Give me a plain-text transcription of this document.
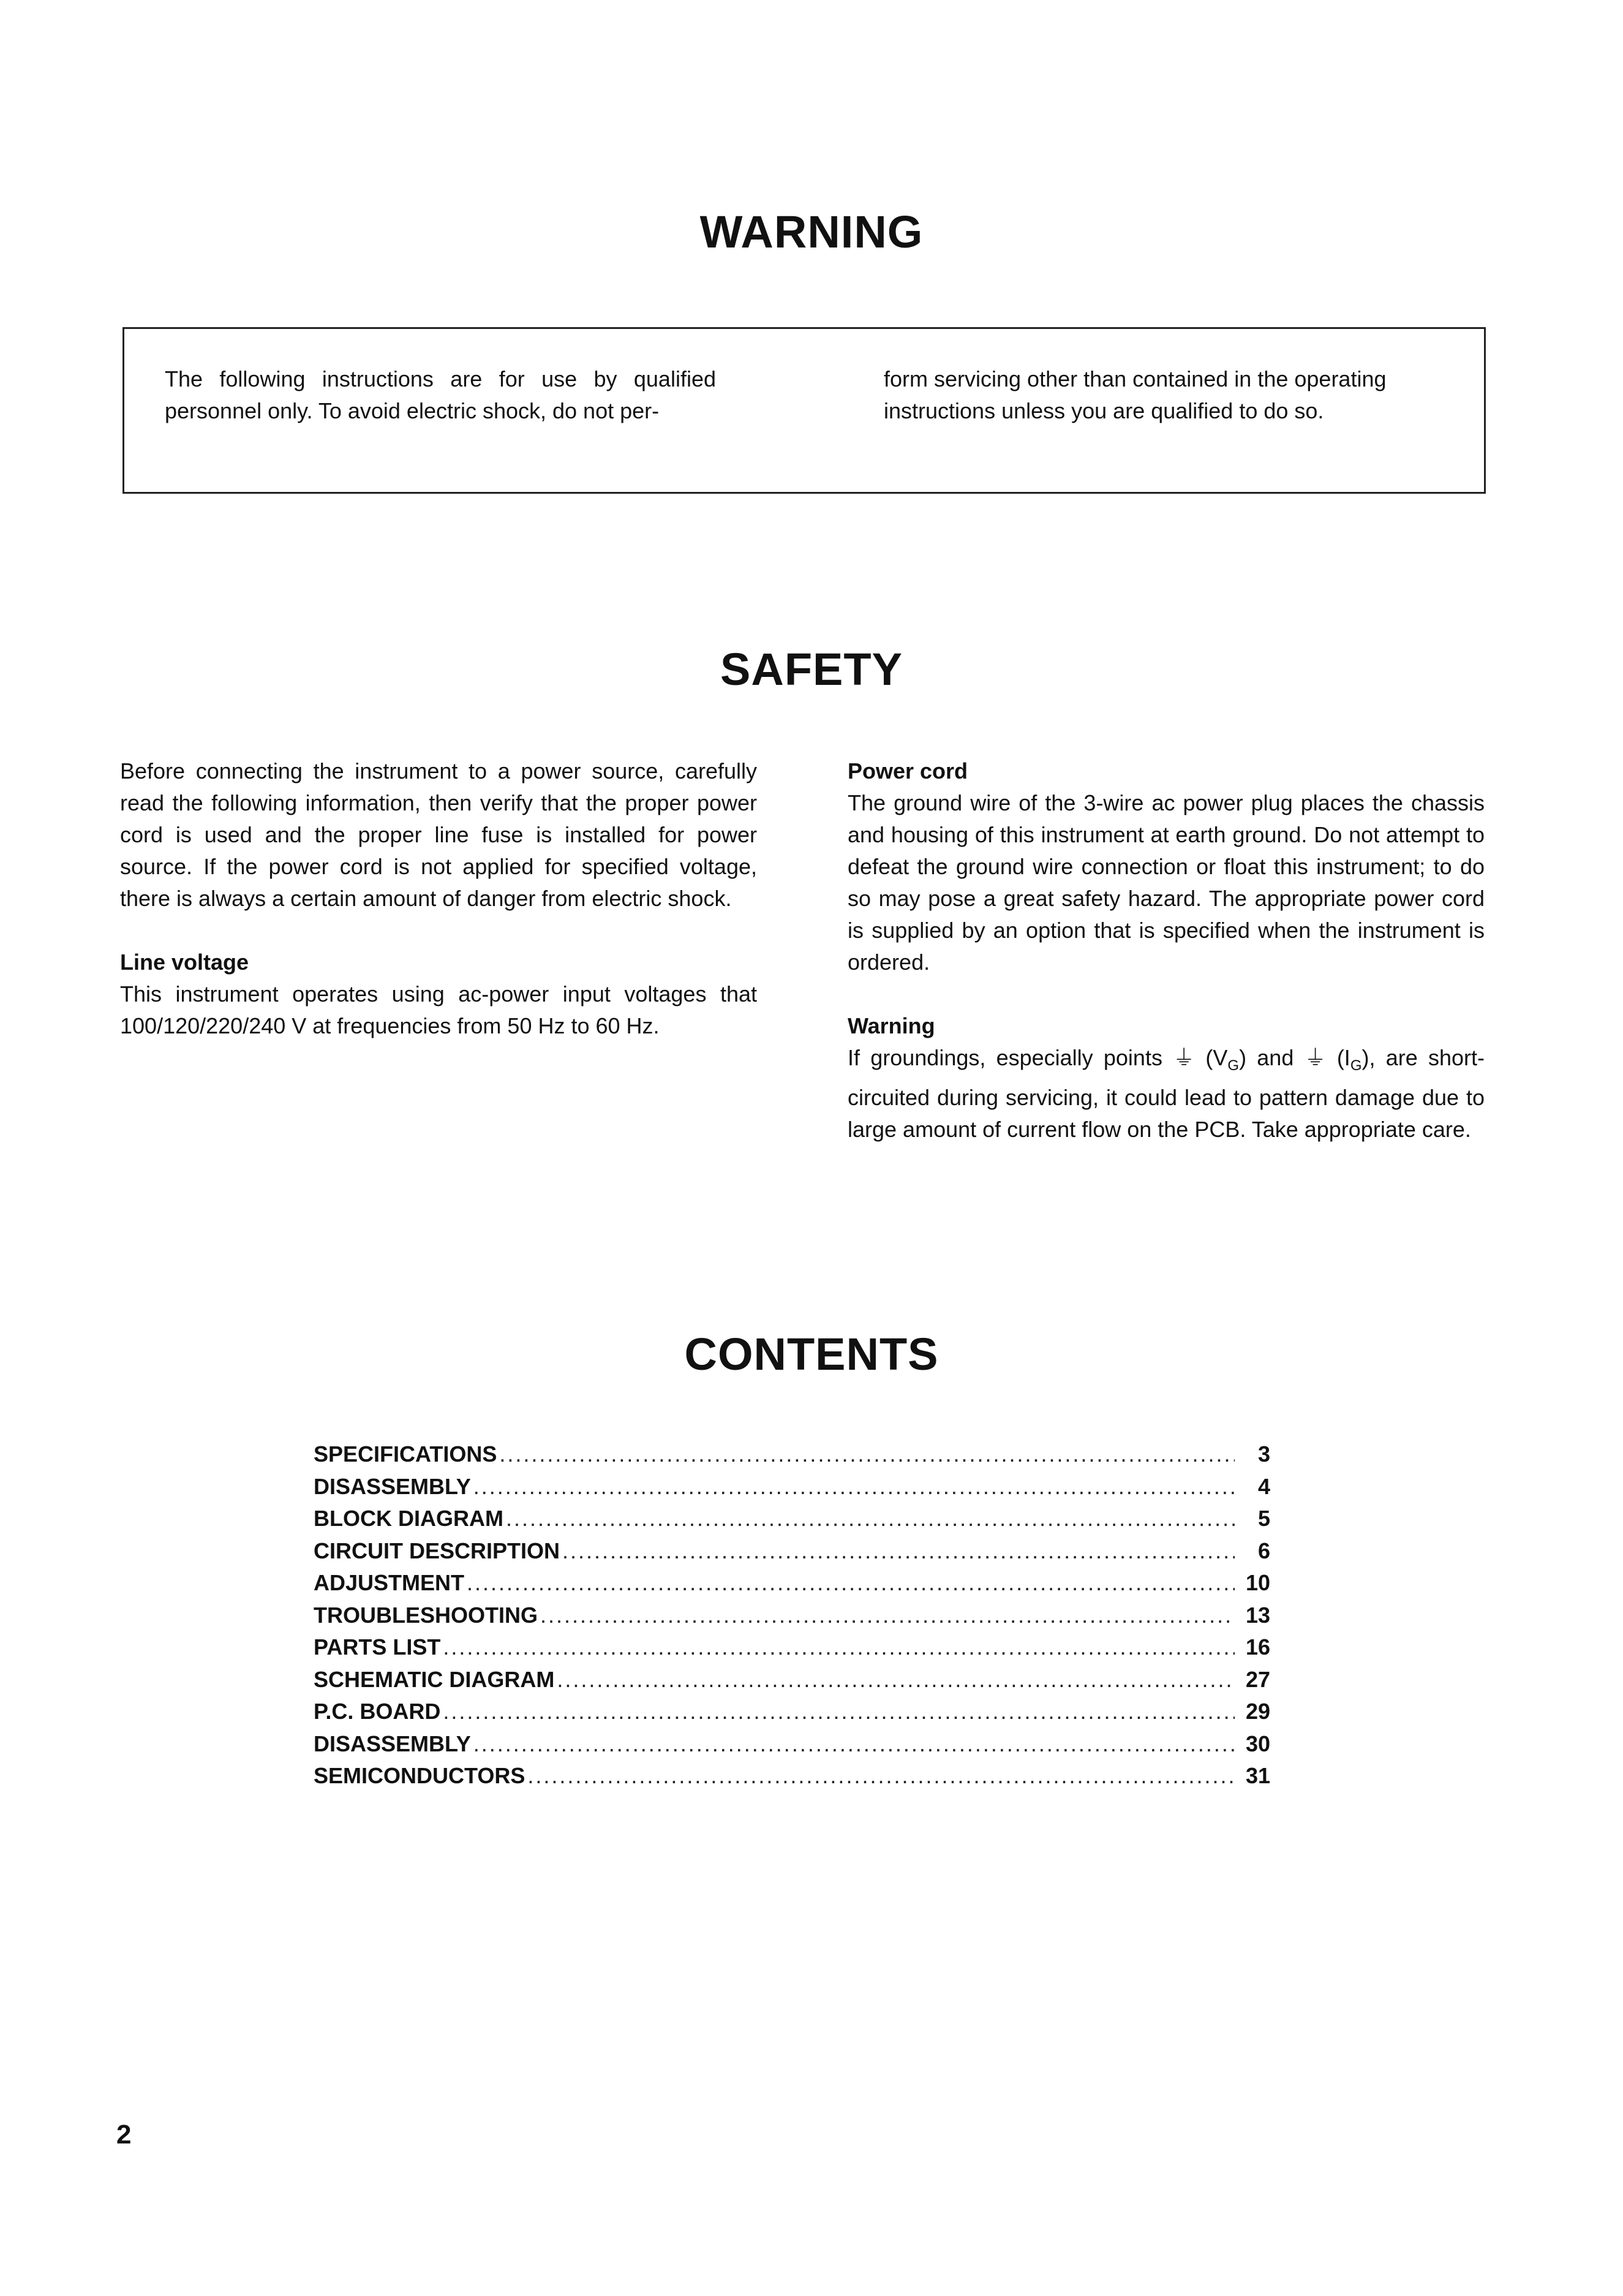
WARNING

The following instructions are for use by qualified personnel only. To avoid electric shock, do not per-

form servicing other than contained in the operating instructions unless you are qualified to do so.

SAFETY

Before connecting the instrument to a power source, carefully read the following information, then verify that the proper power cord is used and the proper line fuse is installed for power source. If the power cord is not applied for specified voltage, there is always a certain amount of danger from electric shock.

Line voltage

This instrument operates using ac-power input voltages that 100/120/220/240 V at frequencies from 50 Hz to 60 Hz.

Power cord

The ground wire of the 3-wire ac power plug places the chassis and housing of this instrument at earth ground. Do not attempt to defeat the ground wire connection or float this instrument; to do so may pose a great safety hazard. The appropriate power cord is supplied by an option that is specified when the instrument is ordered.

Warning

If groundings, especially points ⏚ $(V_G)$ and ⏚ $(I_G)$, are short-circuited during servicing, it could lead to pattern damage due to large amount of current flow on the PCB. Take appropriate care.

CONTENTS
SPECIFICATIONS .....	3
DISASSEMBLY .....	4
BLOCK DIAGRAM .....	5
CIRCUIT DESCRIPTION .....	6
ADJUSTMENT .....	10
TROUBLESHOOTING .....	13
PARTS LIST .....	16
SCHEMATIC DIAGRAM .....	27
P.C. BOARD .....	29
DISASSEMBLY .....	30
SEMICONDUCTORS .....	31
2
